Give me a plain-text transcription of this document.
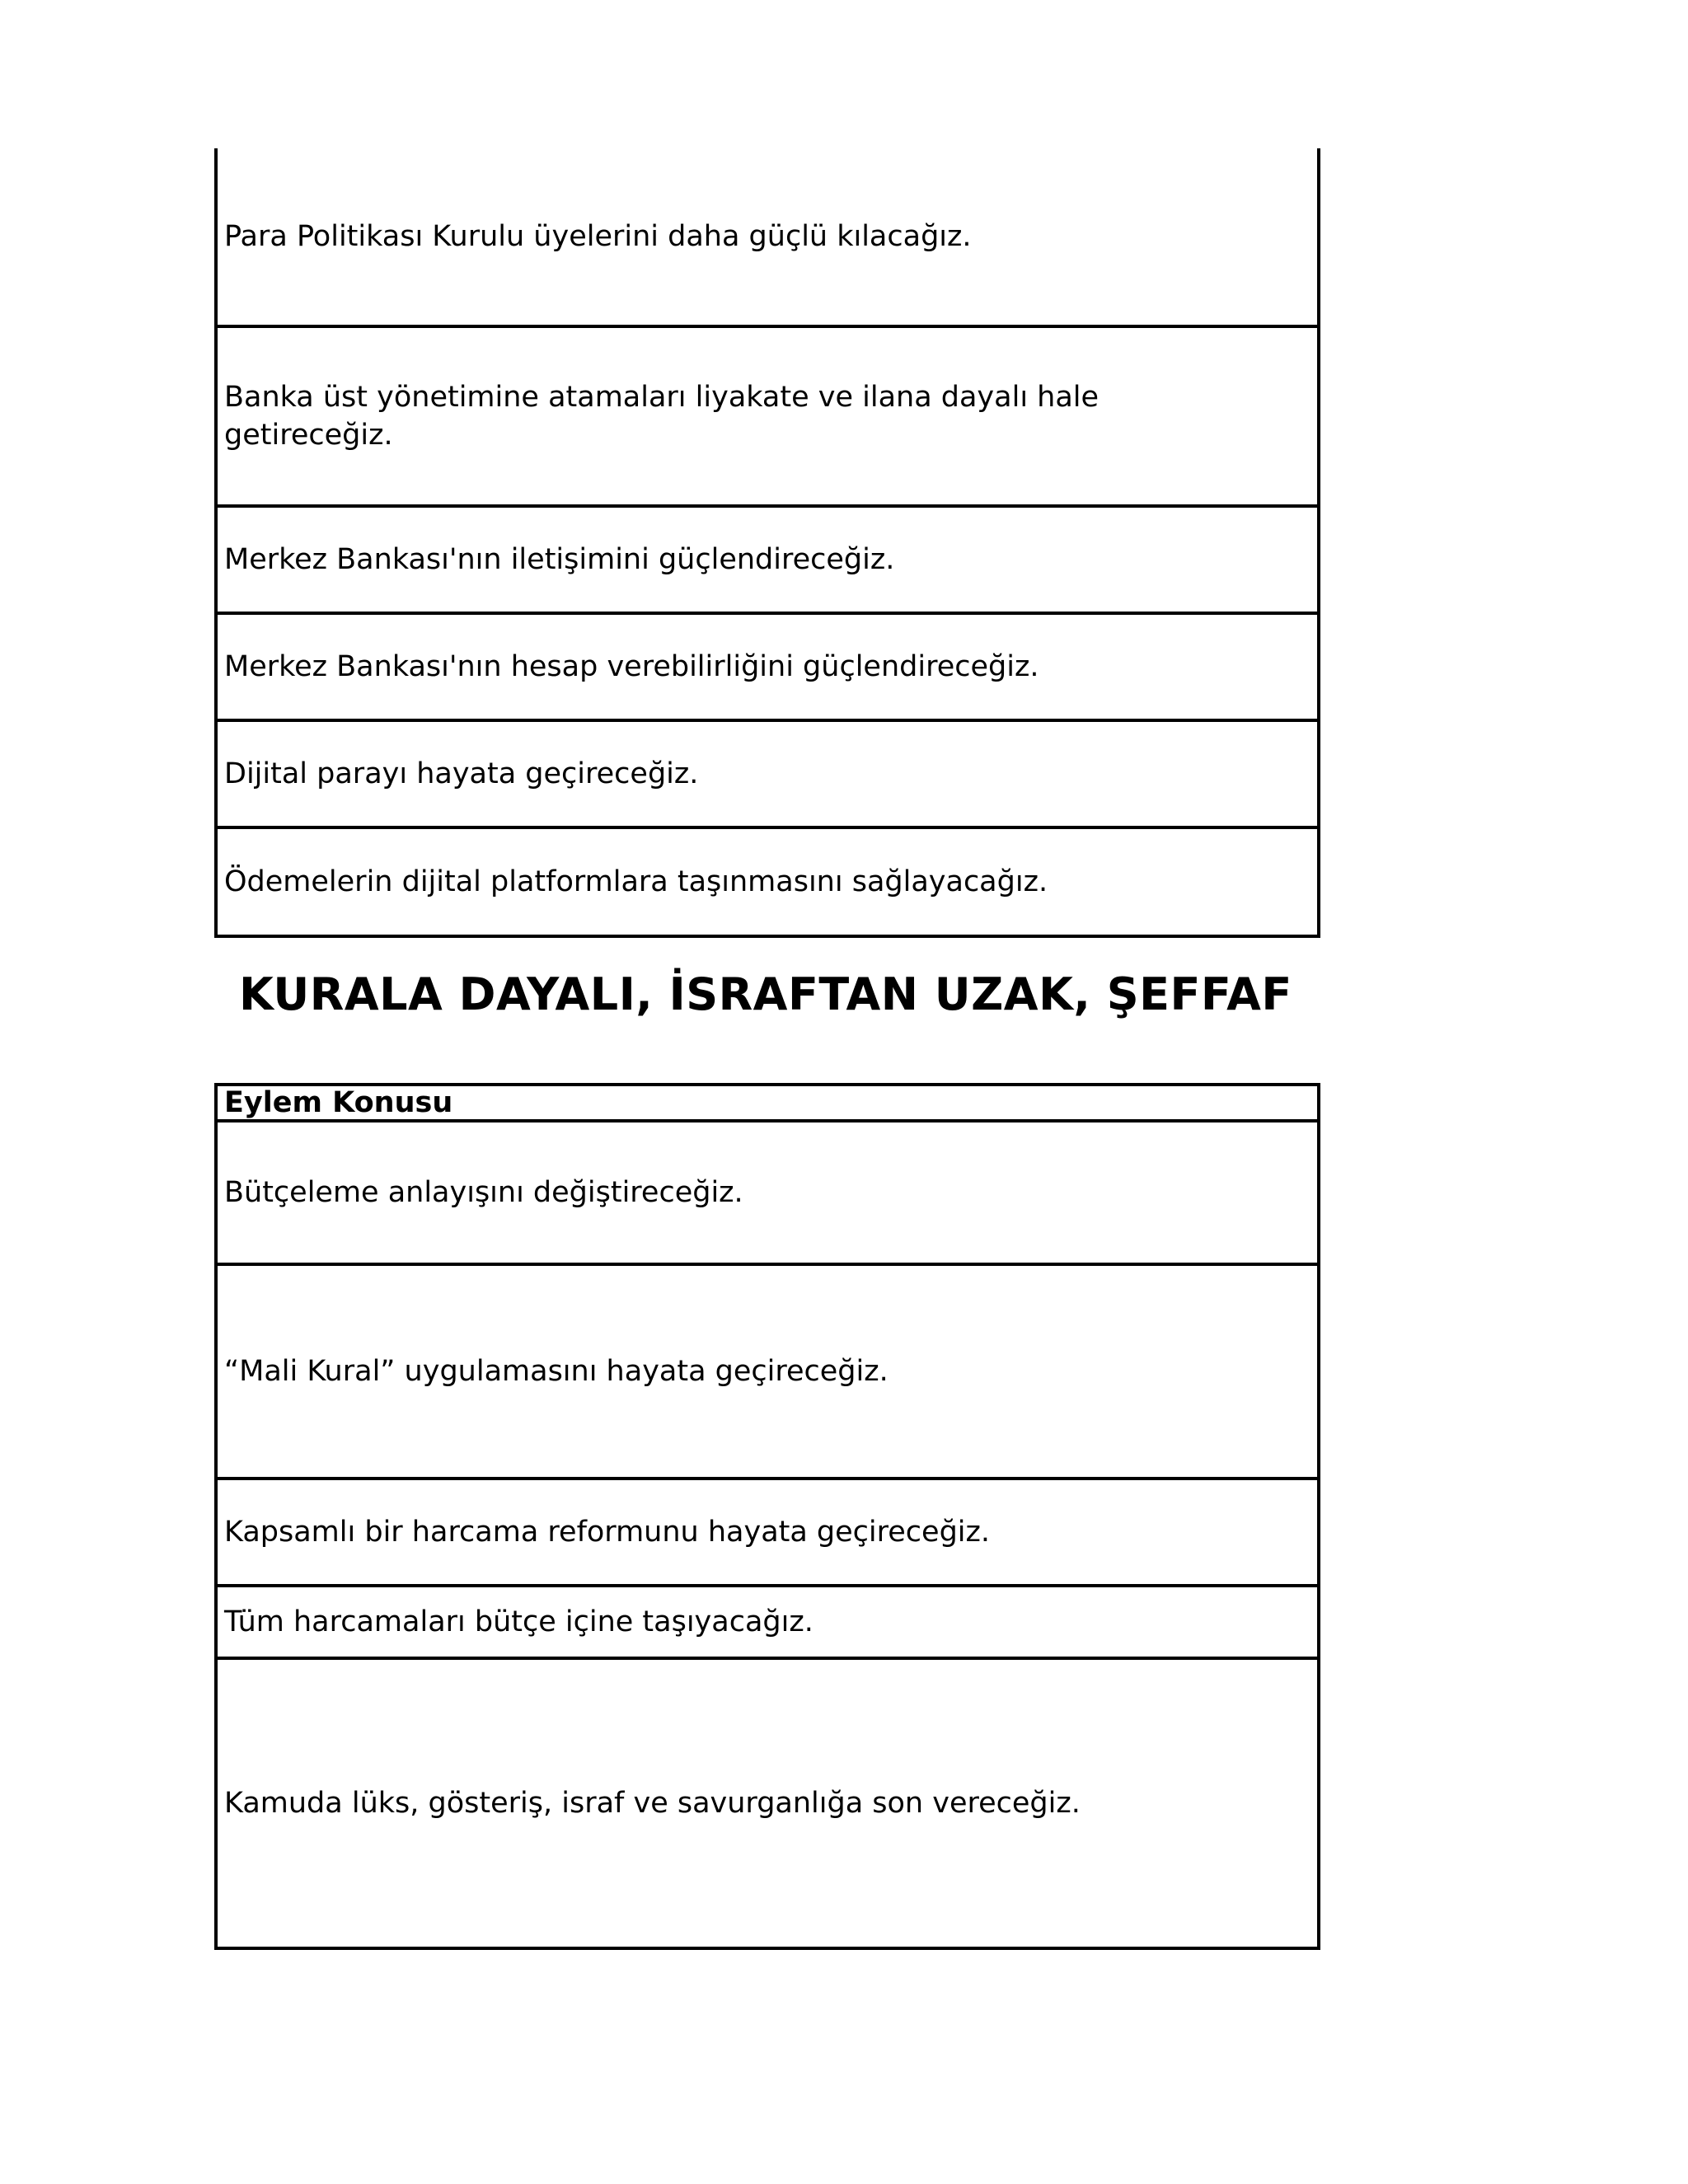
Para Politikası Kurulu üyelerini daha güçlü kılacağız.
Banka üst yönetimine atamaları liyakate ve ilana dayalı hale getireceğiz.
Merkez Bankası'nın iletişimini güçlendireceğiz.
Merkez Bankası'nın hesap verebilirliğini güçlendireceğiz.
Dijital parayı hayata geçireceğiz.
Ödemelerin dijital platformlara taşınmasını sağlayacağız.
KURALA DAYALI, İSRAFTAN UZAK, ŞEFFAF
Eylem Konusu
Bütçeleme anlayışını değiştireceğiz.
“Mali Kural” uygulamasını hayata geçireceğiz.
Kapsamlı bir harcama reformunu hayata geçireceğiz.
Tüm harcamaları bütçe içine taşıyacağız.
Kamuda lüks, gösteriş, israf ve savurganlığa son vereceğiz.
